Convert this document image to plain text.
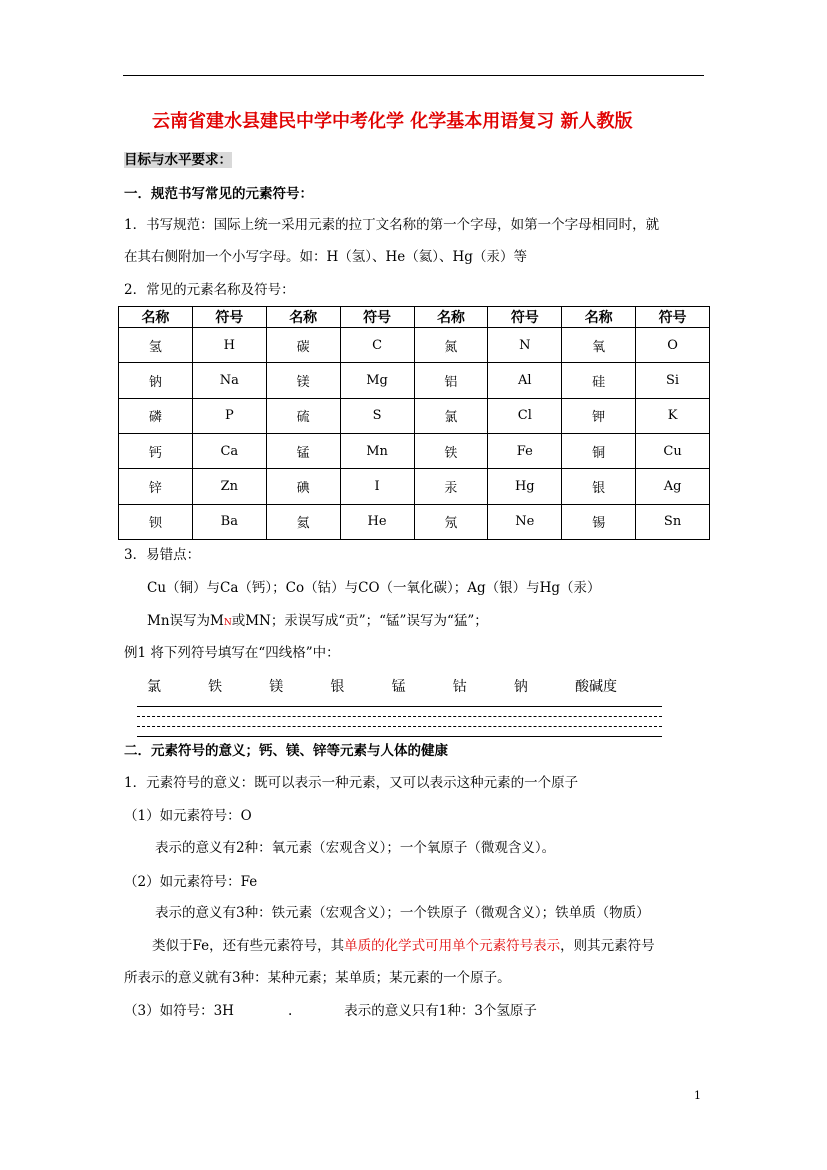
云南省建水县建民中学中考化学 化学基本用语复习 新人教版
目标与水平要求：
一．规范书写常见的元素符号：
1．书写规范：国际上统一采用元素的拉丁文名称的第一个字母，如第一个字母相同时，就
在其右侧附加一个小写字母。如：H（氢）、He（氦）、Hg（汞）等
2．常见的元素名称及符号：
名称	符号	名称	符号	名称	符号	名称	符号
氢	H	碳	C	氮	N	氧	O
钠	Na	镁	Mg	铝	Al	硅	Si
磷	P	硫	S	氯	Cl	钾	K
钙	Ca	锰	Mn	铁	Fe	铜	Cu
锌	Zn	碘	I	汞	Hg	银	Ag
钡	Ba	氦	He	氖	Ne	锡	Sn
3．易错点：
Cu（铜）与Ca（钙）；Co（钴）与CO（一氧化碳）；Ag（银）与Hg（汞）
Mn误写为MN或MN；汞误写成“贡”；“锰”误写为“猛”；
例1 将下列符号填写在“四线格”中：
氯	铁	镁	银	锰	钴	钠	酸碱度
二．元素符号的意义；钙、镁、锌等元素与人体的健康
1．元素符号的意义：既可以表示一种元素，又可以表示这种元素的一个原子
（1）如元素符号：O
表示的意义有2种：氧元素（宏观含义）；一个氧原子（微观含义）。
（2）如元素符号：Fe
表示的意义有3种：铁元素（宏观含义）；一个铁原子（微观含义）；铁单质（物质）
类似于Fe，还有些元素符号，其单质的化学式可用单个元素符号表示，则其元素符号
所表示的意义就有3种：某种元素；某单质；某元素的一个原子。
（3）如符号：3H	.	表示的意义只有1种：3个氢原子
1
